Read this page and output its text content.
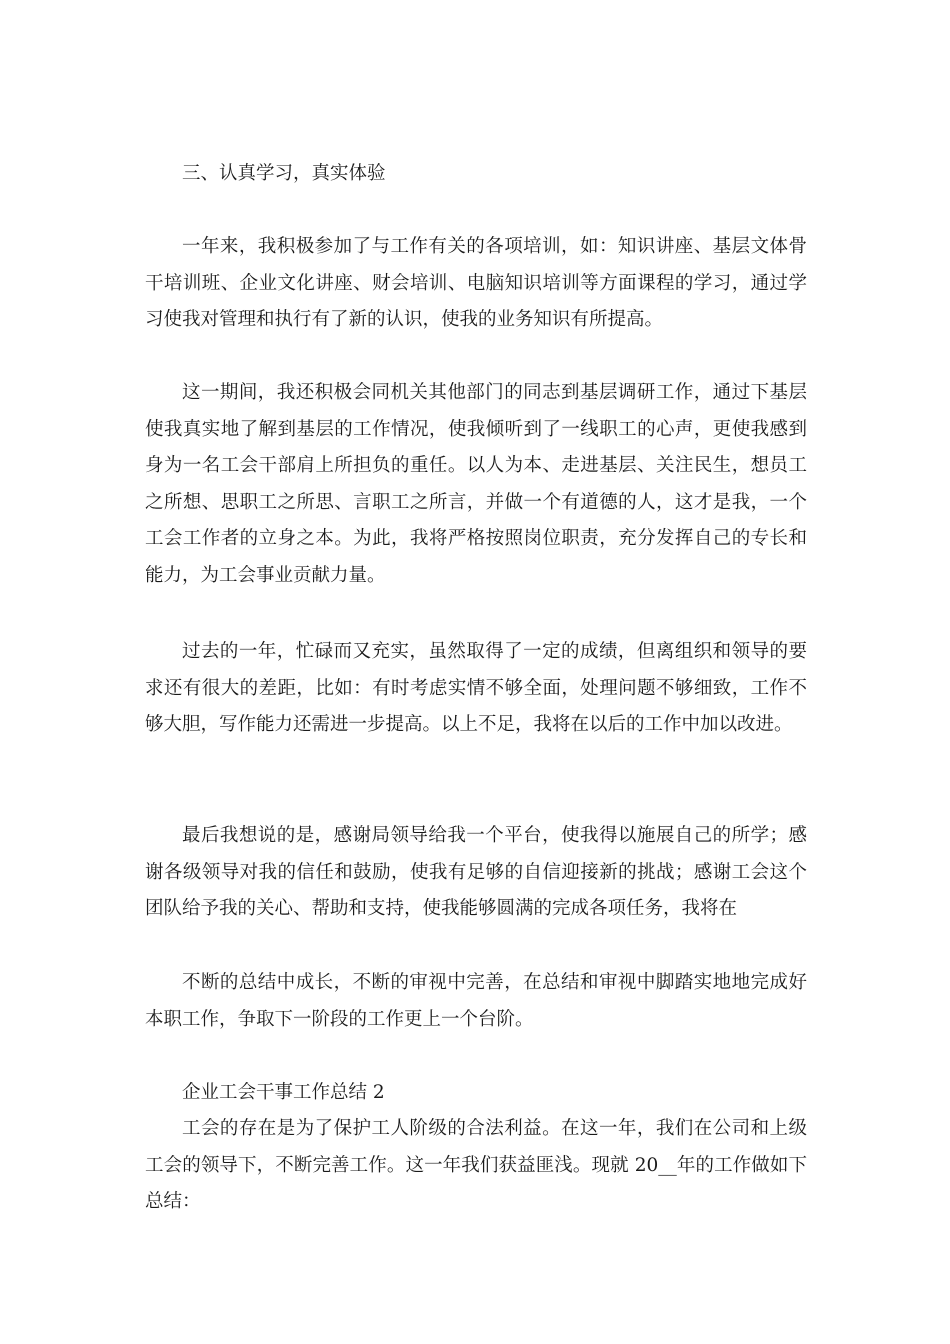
三、认真学习，真实体验

一年来，我积极参加了与工作有关的各项培训，如：知识讲座、基层文体骨干培训班、企业文化讲座、财会培训、电脑知识培训等方面课程的学习，通过学习使我对管理和执行有了新的认识，使我的业务知识有所提高。

这一期间，我还积极会同机关其他部门的同志到基层调研工作，通过下基层使我真实地了解到基层的工作情况，使我倾听到了一线职工的心声，更使我感到身为一名工会干部肩上所担负的重任。以人为本、走进基层、关注民生，想员工之所想、思职工之所思、言职工之所言，并做一个有道德的人，这才是我，一个工会工作者的立身之本。为此，我将严格按照岗位职责，充分发挥自己的专长和能力，为工会事业贡献力量。

过去的一年，忙碌而又充实，虽然取得了一定的成绩，但离组织和领导的要求还有很大的差距，比如：有时考虑实情不够全面，处理问题不够细致，工作不够大胆，写作能力还需进一步提高。以上不足，我将在以后的工作中加以改进。

最后我想说的是，感谢局领导给我一个平台，使我得以施展自己的所学；感谢各级领导对我的信任和鼓励，使我有足够的自信迎接新的挑战；感谢工会这个团队给予我的关心、帮助和支持，使我能够圆满的完成各项任务，我将在

不断的总结中成长，不断的审视中完善，在总结和审视中脚踏实地地完成好本职工作，争取下一阶段的工作更上一个台阶。

企业工会干事工作总结 2

工会的存在是为了保护工人阶级的合法利益。在这一年，我们在公司和上级工会的领导下，不断完善工作。这一年我们获益匪浅。现就 20__年的工作做如下总结：
